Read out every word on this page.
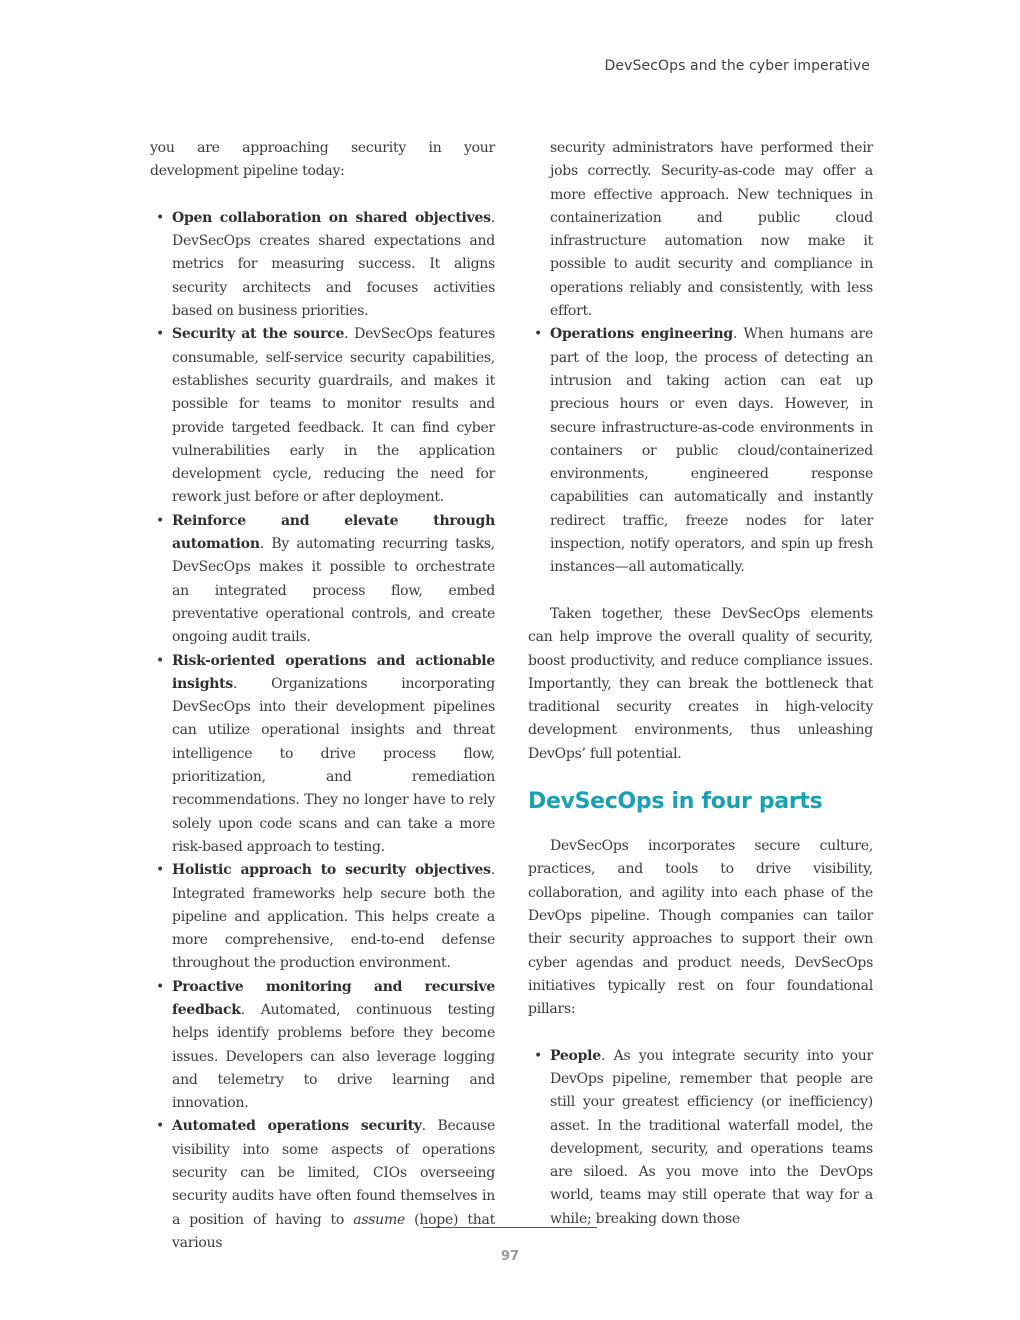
DevSecOps and the cyber imperative

you are approaching security in your development pipeline today:

• Open collaboration on shared objectives. DevSecOps creates shared expectations and metrics for measuring success. It aligns security architects and focuses activities based on business priorities.
• Security at the source. DevSecOps features consumable, self-service security capabilities, establishes security guardrails, and makes it possible for teams to monitor results and provide targeted feedback. It can find cyber vulnerabilities early in the application development cycle, reducing the need for rework just before or after deployment.
• Reinforce and elevate through automation. By automating recurring tasks, DevSecOps makes it possible to orchestrate an integrated process flow, embed preventative operational controls, and create ongoing audit trails.
• Risk-oriented operations and actionable insights. Organizations incorporating DevSecOps into their development pipelines can utilize operational insights and threat intelligence to drive process flow, prioritization, and remediation recommendations. They no longer have to rely solely upon code scans and can take a more risk-based approach to testing.
• Holistic approach to security objectives. Integrated frameworks help secure both the pipeline and application. This helps create a more comprehensive, end-to-end defense throughout the production environment.
• Proactive monitoring and recursive feedback. Automated, continuous testing helps identify problems before they become issues. Developers can also leverage logging and telemetry to drive learning and innovation.
• Automated operations security. Because visibility into some aspects of operations security can be limited, CIOs overseeing security audits have often found themselves in a position of having to assume (hope) that various
security administrators have performed their jobs correctly. Security-as-code may offer a more effective approach. New techniques in containerization and public cloud infrastructure automation now make it possible to audit security and compliance in operations reliably and consistently, with less effort.
• Operations engineering. When humans are part of the loop, the process of detecting an intrusion and taking action can eat up precious hours or even days. However, in secure infrastructure-as-code environments in containers or public cloud/containerized environments, engineered response capabilities can automatically and instantly redirect traffic, freeze nodes for later inspection, notify operators, and spin up fresh instances—all automatically.

Taken together, these DevSecOps elements can help improve the overall quality of security, boost productivity, and reduce compliance issues. Importantly, they can break the bottleneck that traditional security creates in high-velocity development environments, thus unleashing DevOps’ full potential.

DevSecOps in four parts

DevSecOps incorporates secure culture, practices, and tools to drive visibility, collaboration, and agility into each phase of the DevOps pipeline. Though companies can tailor their security approaches to support their own cyber agendas and product needs, DevSecOps initiatives typically rest on four foundational pillars:

• People. As you integrate security into your DevOps pipeline, remember that people are still your greatest efficiency (or inefficiency) asset. In the traditional waterfall model, the development, security, and operations teams are siloed. As you move into the DevOps world, teams may still operate that way for a while; breaking down those
97
